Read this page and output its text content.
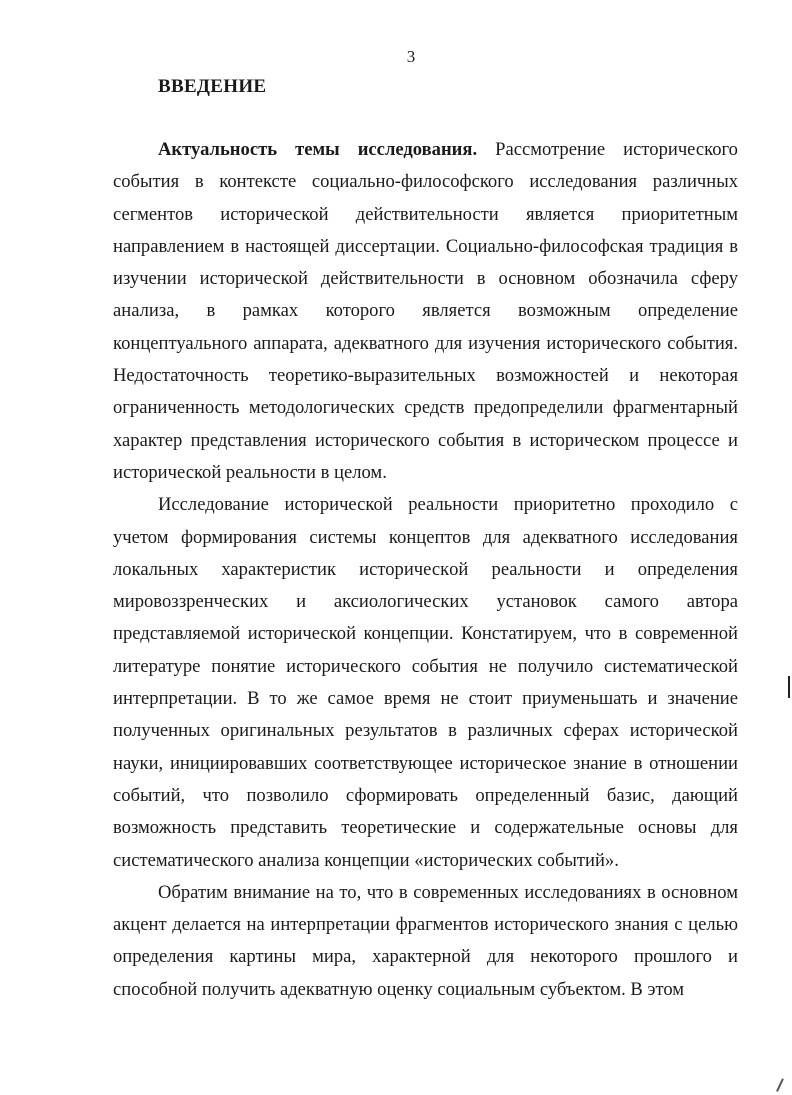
3
ВВЕДЕНИЕ

Актуальность темы исследования. Рассмотрение исторического события в контексте социально-философского исследования различных сегментов исторической действительности является приоритетным направлением в настоящей диссертации. Социально-философская традиция в изучении исторической действительности в основном обозначила сферу анализа, в рамках которого является возможным определение концептуального аппарата, адекватного для изучения исторического события. Недостаточность теоретико-выразительных возможностей и некоторая ограниченность методологических средств предопределили фрагментарный характер представления исторического события в историческом процессе и исторической реальности в целом.

Исследование исторической реальности приоритетно проходило с учетом формирования системы концептов для адекватного исследования локальных характеристик историческoй реальности и определения мировоззренческих и аксиологических установок самого автора представляемой исторической концепции. Констатируем, что в современной литературе понятие исторического события не получило систематической интерпретации. В то же самое время не стоит приуменьшать и значение полученных оригинальных результатов в различных сферах исторической науки, инициировавших соответствующее историческое знание в отношении событий, что позволило сформировать определенный базис, дающий возможность представить теоретические и содержательные основы для систематического анализа концепции «исторических событий».

Обратим внимание на то, что в современных исследованиях в основном акцент делается на интерпретации фрагментов исторического знания с целью определения картины мира, характерной для некоторого прошлого и способной получить адекватную оценку социальным субъектом. В этом
